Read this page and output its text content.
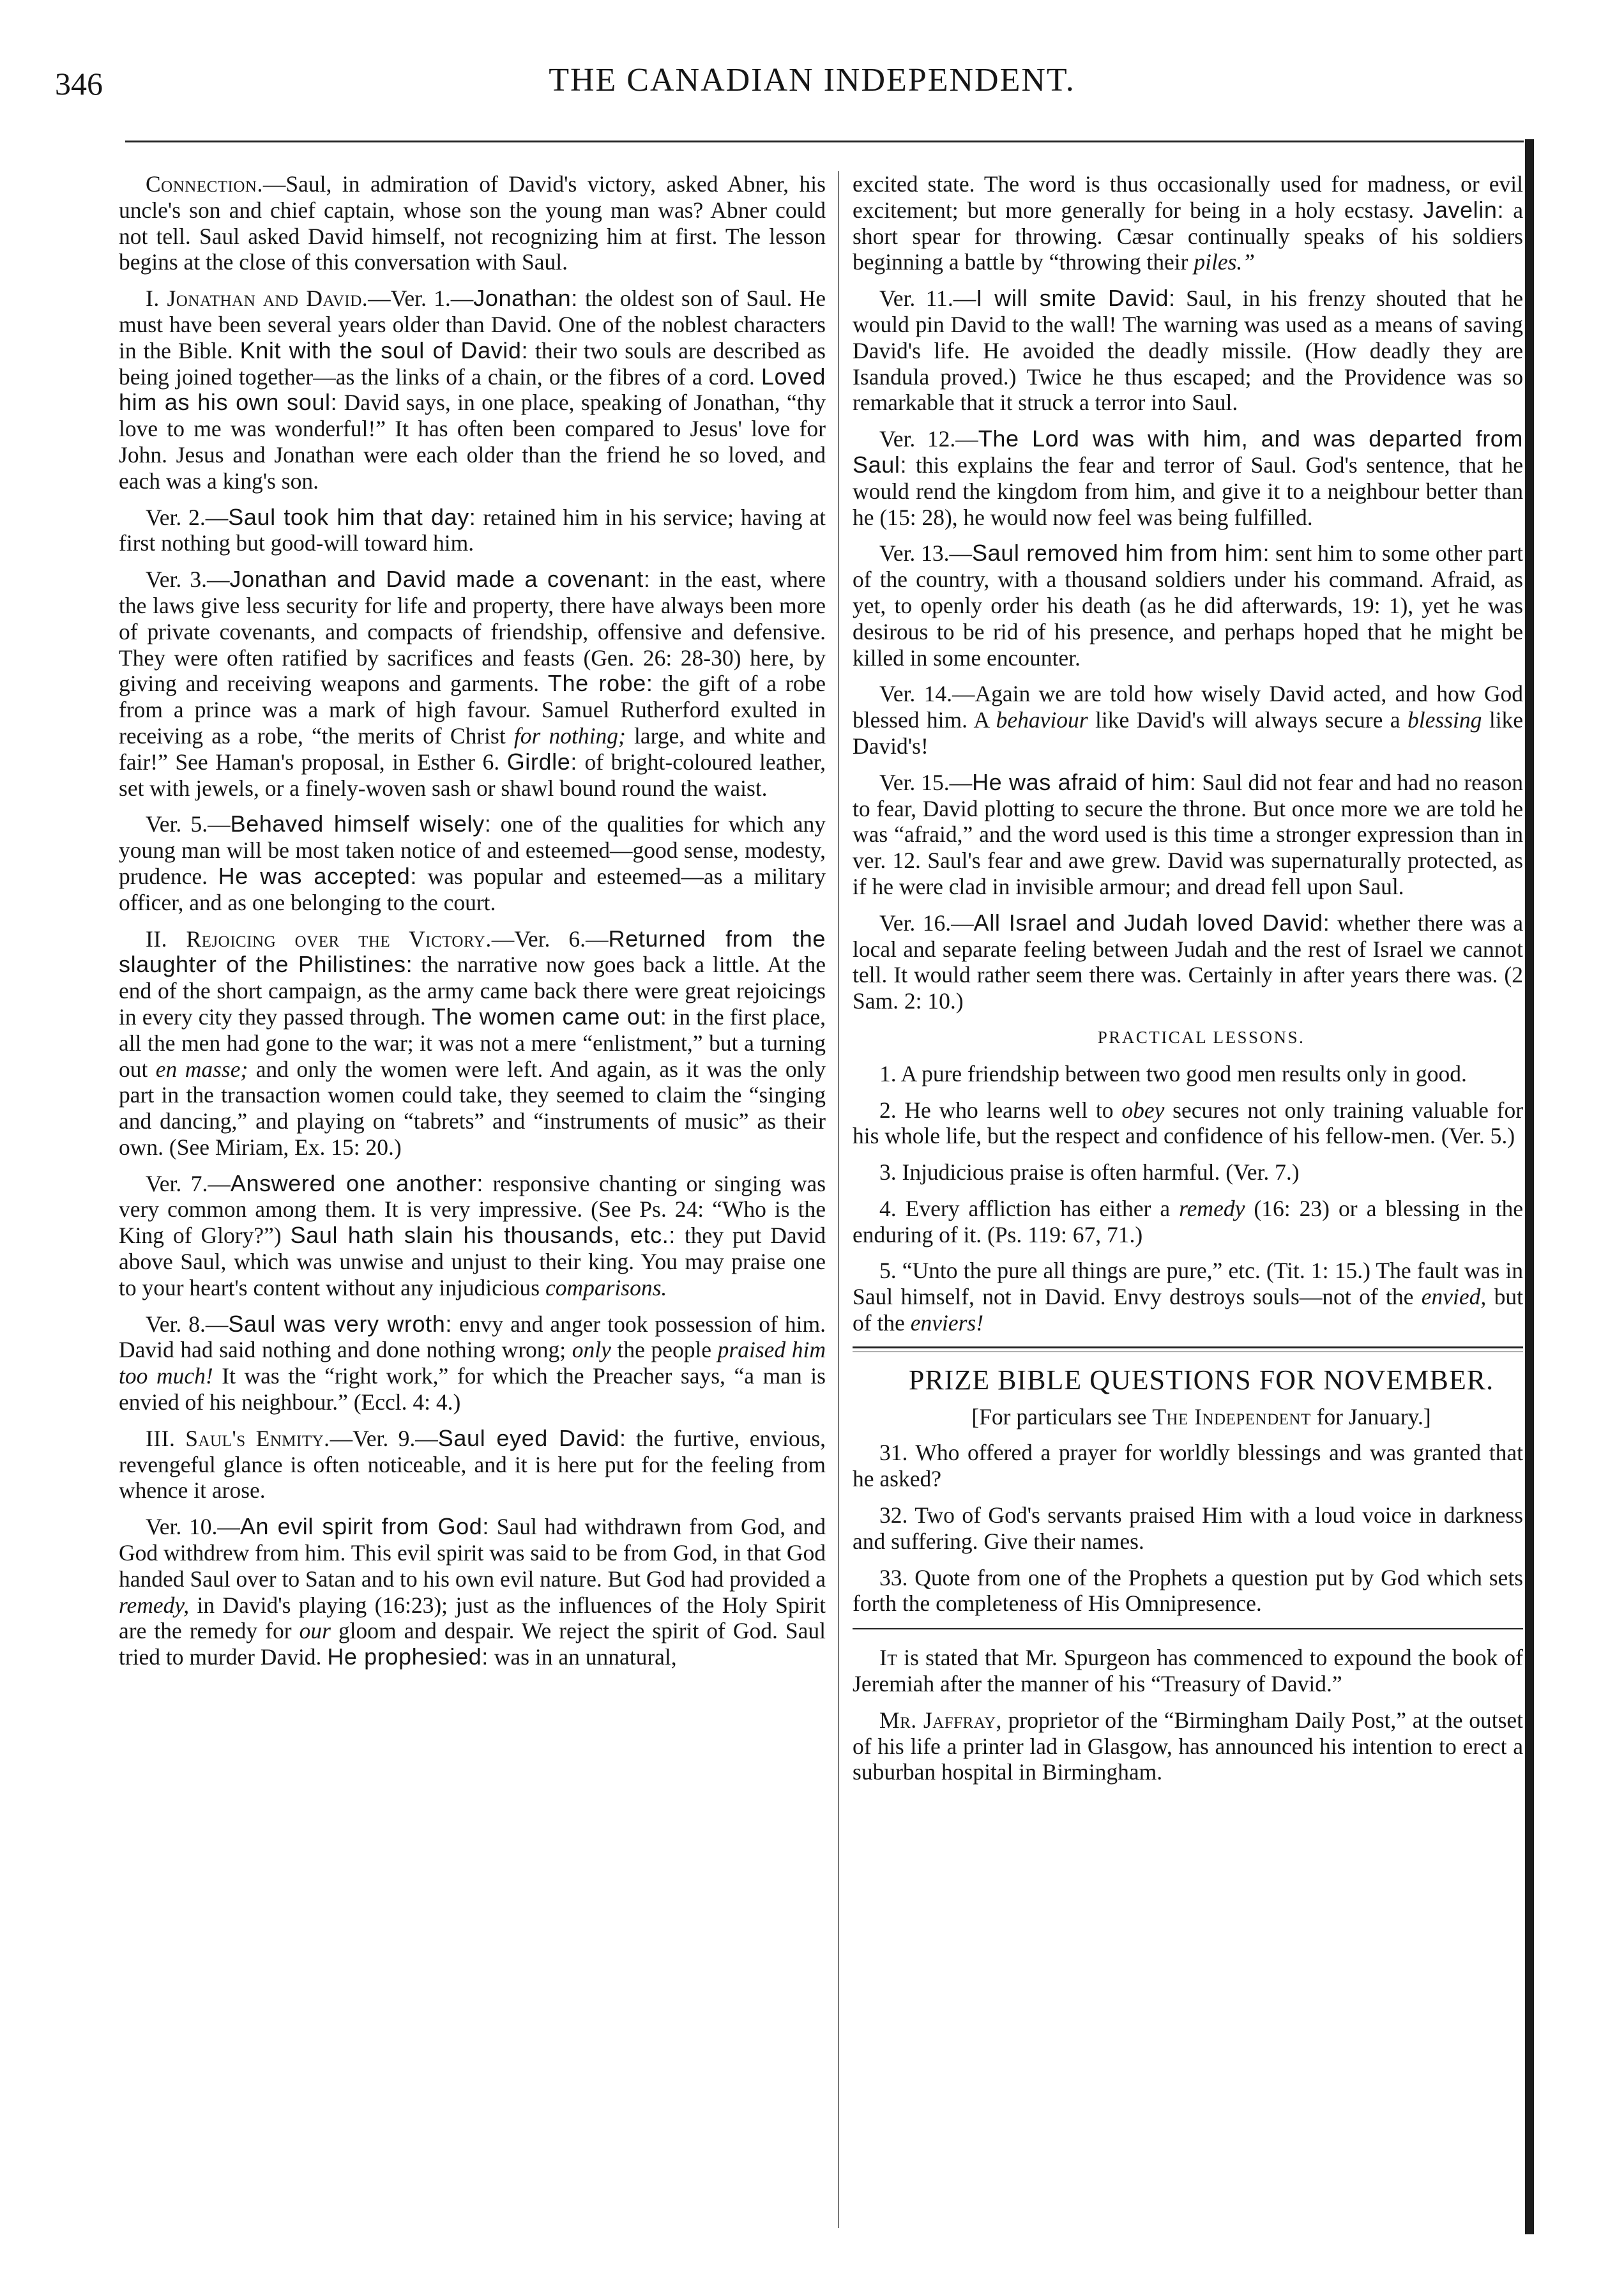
346	THE CANADIAN INDEPENDENT.

Connection.—Saul, in admiration of David's victory, asked Abner, his uncle's son and chief captain, whose son the young man was? Abner could not tell. Saul asked David himself, not recognizing him at first. The lesson begins at the close of this conversation with Saul.

I. Jonathan and David.—Ver. 1.—Jonathan: the oldest son of Saul. He must have been several years older than David. One of the noblest characters in the Bible. Knit with the soul of David: their two souls are described as being joined together—as the links of a chain, or the fibres of a cord. Loved him as his own soul: David says, in one place, speaking of Jonathan, “thy love to me was wonderful!” It has often been compared to Jesus' love for John. Jesus and Jonathan were each older than the friend he so loved, and each was a king's son.

Ver. 2.—Saul took him that day: retained him in his service; having at first nothing but good-will toward him.

Ver. 3.—Jonathan and David made a covenant: in the east, where the laws give less security for life and property, there have always been more of private covenants, and compacts of friendship, offensive and defensive. They were often ratified by sacrifices and feasts (Gen. 26: 28-30) here, by giving and receiving weapons and garments. The robe: the gift of a robe from a prince was a mark of high favour. Samuel Rutherford exulted in receiving as a robe, “the merits of Christ for nothing; large, and white and fair!” See Haman's proposal, in Esther 6. Girdle: of bright-coloured leather, set with jewels, or a finely-woven sash or shawl bound round the waist.

Ver. 5.—Behaved himself wisely: one of the qualities for which any young man will be most taken notice of and esteemed—good sense, modesty, prudence. He was accepted: was popular and esteemed—as a military officer, and as one belonging to the court.

II. Rejoicing over the Victory.—Ver. 6.—Returned from the slaughter of the Philistines: the narrative now goes back a little. At the end of the short campaign, as the army came back there were great rejoicings in every city they passed through. The women came out: in the first place, all the men had gone to the war; it was not a mere “enlistment,” but a turning out en masse; and only the women were left. And again, as it was the only part in the transaction women could take, they seemed to claim the “singing and dancing,” and playing on “tabrets” and “instruments of music” as their own. (See Miriam, Ex. 15: 20.)

Ver. 7.—Answered one another: responsive chanting or singing was very common among them. It is very impressive. (See Ps. 24: “Who is the King of Glory?”) Saul hath slain his thousands, etc.: they put David above Saul, which was unwise and unjust to their king. You may praise one to your heart's content without any injudicious comparisons.

Ver. 8.—Saul was very wroth: envy and anger took possession of him. David had said nothing and done nothing wrong; only the people praised him too much! It was the “right work,” for which the Preacher says, “a man is envied of his neighbour.” (Eccl. 4: 4.)

III. Saul's Enmity.—Ver. 9.—Saul eyed David: the furtive, envious, revengeful glance is often noticeable, and it is here put for the feeling from whence it arose.

Ver. 10.—An evil spirit from God: Saul had withdrawn from God, and God withdrew from him. This evil spirit was said to be from God, in that God handed Saul over to Satan and to his own evil nature. But God had provided a remedy, in David's playing (16:23); just as the influences of the Holy Spirit are the remedy for our gloom and despair. We reject the spirit of God. Saul tried to murder David. He prophesied: was in an unnatural,

excited state. The word is thus occasionally used for madness, or evil excitement; but more generally for being in a holy ecstasy. Javelin: a short spear for throwing. Cæsar continually speaks of his soldiers beginning a battle by “throwing their piles.”

Ver. 11.—I will smite David: Saul, in his frenzy shouted that he would pin David to the wall! The warning was used as a means of saving David's life. He avoided the deadly missile. (How deadly they are Isandula proved.) Twice he thus escaped; and the Providence was so remarkable that it struck a terror into Saul.

Ver. 12.—The Lord was with him, and was departed from Saul: this explains the fear and terror of Saul. God's sentence, that he would rend the kingdom from him, and give it to a neighbour better than he (15: 28), he would now feel was being fulfilled.

Ver. 13.—Saul removed him from him: sent him to some other part of the country, with a thousand soldiers under his command. Afraid, as yet, to openly order his death (as he did afterwards, 19: 1), yet he was desirous to be rid of his presence, and perhaps hoped that he might be killed in some encounter.

Ver. 14.—Again we are told how wisely David acted, and how God blessed him. A behaviour like David's will always secure a blessing like David's!

Ver. 15.—He was afraid of him: Saul did not fear and had no reason to fear, David plotting to secure the throne. But once more we are told he was “afraid,” and the word used is this time a stronger expression than in ver. 12. Saul's fear and awe grew. David was supernaturally protected, as if he were clad in invisible armour; and dread fell upon Saul.

Ver. 16.—All Israel and Judah loved David: whether there was a local and separate feeling between Judah and the rest of Israel we cannot tell. It would rather seem there was. Certainly in after years there was. (2 Sam. 2: 10.)

PRACTICAL LESSONS.

1. A pure friendship between two good men results only in good.

2. He who learns well to obey secures not only training valuable for his whole life, but the respect and confidence of his fellow-men. (Ver. 5.)

3. Injudicious praise is often harmful. (Ver. 7.)

4. Every affliction has either a remedy (16: 23) or a blessing in the enduring of it. (Ps. 119: 67, 71.)

5. “Unto the pure all things are pure,” etc. (Tit. 1: 15.) The fault was in Saul himself, not in David. Envy destroys souls—not of the envied, but of the enviers!

PRIZE BIBLE QUESTIONS FOR NOVEMBER.

[For particulars see The Independent for January.]

31. Who offered a prayer for worldly blessings and was granted that he asked?

32. Two of God's servants praised Him with a loud voice in darkness and suffering. Give their names.

33. Quote from one of the Prophets a question put by God which sets forth the completeness of His Omnipresence.

It is stated that Mr. Spurgeon has commenced to expound the book of Jeremiah after the manner of his “Treasury of David.”

Mr. Jaffray, proprietor of the “Birmingham Daily Post,” at the outset of his life a printer lad in Glasgow, has announced his intention to erect a suburban hospital in Birmingham.
